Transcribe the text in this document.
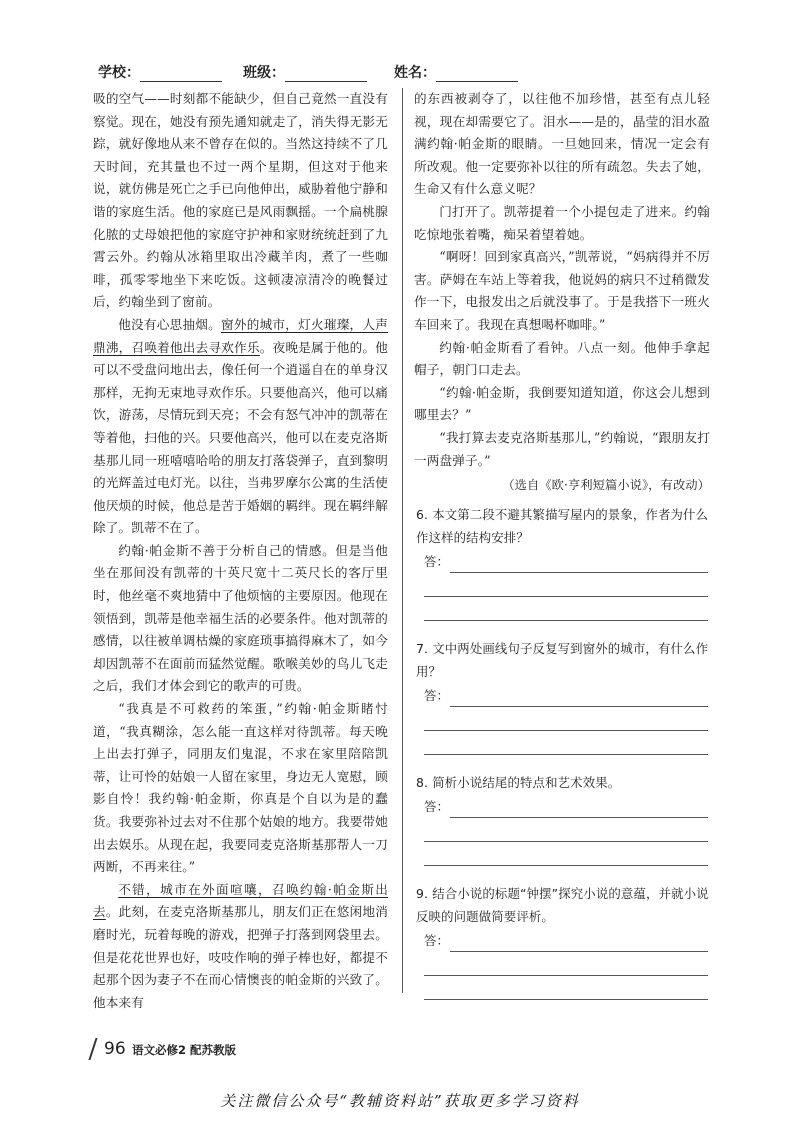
学校：	班级：	姓名：

吸的空气——时刻都不能缺少，但自己竟然一直没有察觉。现在，她没有预先通知就走了，消失得无影无踪，就好像地从来不曾存在似的。当然这持续不了几天时间，充其量也不过一两个星期，但这对于他来说，就仿佛是死亡之手已向他伸出，威胁着他宁静和谐的家庭生活。他的家庭已是风雨飘摇。一个扁桃腺化脓的丈母娘把他的家庭守护神和家财统统赶到了九霄云外。约翰从冰箱里取出冷藏羊肉，煮了一些咖啡，孤零零地坐下来吃饭。这顿凄凉清冷的晚餐过后，约翰坐到了窗前。

他没有心思抽烟。窗外的城市，灯火璀璨，人声鼎沸，召唤着他出去寻欢作乐。夜晚是属于他的。他可以不受盘问地出去，像任何一个逍遥自在的单身汉那样，无拘无束地寻欢作乐。只要他高兴，他可以痛饮，游荡，尽情玩到天亮；不会有怒气冲冲的凯蒂在等着他，扫他的兴。只要他高兴，他可以在麦克洛斯基那儿同一班嘻嘻哈哈的朋友打落袋弹子，直到黎明的光辉盖过电灯光。以往，当弗罗摩尔公寓的生活使他厌烦的时候，他总是苦于婚姻的羁绊。现在羁绊解除了。凯蒂不在了。

约翰·帕金斯不善于分析自己的情感。但是当他坐在那间没有凯蒂的十英尺宽十二英尺长的客厅里时，他丝毫不爽地猜中了他烦恼的主要原因。他现在领悟到，凯蒂是他幸福生活的必要条件。他对凯蒂的感情，以往被单调枯燥的家庭琐事搞得麻木了，如今却因凯蒂不在面前而猛然觉醒。歌喉美妙的鸟儿飞走之后，我们才体会到它的歌声的可贵。

“我真是不可救药的笨蛋，”约翰·帕金斯睹忖道，“我真糊涂，怎么能一直这样对待凯蒂。每天晚上出去打弹子，同朋友们鬼混，不求在家里陪陪凯蒂，让可怜的姑娘一人留在家里，身边无人宽慰，顾影自怜！我约翰·帕金斯，你真是个自以为是的蠢货。我要弥补过去对不住那个姑娘的地方。我要带她出去娱乐。从现在起，我要同麦克洛斯基那帮人一刀两断，不再来往。”

不错，城市在外面喧嚷，召唤约翰·帕金斯出去。此刻，在麦克洛斯基那儿，朋友们正在悠闲地消磨时光，玩着每晚的游戏，把弹子打落到网袋里去。但是花花世界也好，吱吱作响的弹子棒也好，都提不起那个因为妻子不在而心情懊丧的帕金斯的兴致了。他本来有

的东西被剥夺了，以往他不加珍惜，甚至有点儿轻视，现在却需要它了。泪水——是的，晶莹的泪水盈满约翰·帕金斯的眼睛。一旦她回来，情况一定会有所改观。他一定要弥补以往的所有疏忽。失去了她，生命又有什么意义呢？

门打开了。凯蒂提着一个小提包走了进来。约翰吃惊地张着嘴，痴呆着望着她。

“啊呀！回到家真高兴，”凯蒂说，“妈病得并不厉害。萨姆在车站上等着我，他说妈的病只不过稍微发作一下，电报发出之后就没事了。于是我搭下一班火车回来了。我现在真想喝杯咖啡。”

约翰·帕金斯看了看钟。八点一刻。他伸手拿起帽子，朝门口走去。

“约翰·帕金斯，我倒要知道知道，你这会儿想到哪里去？”

“我打算去麦克洛斯基那儿，”约翰说，“跟朋友打一两盘弹子。”

（选自《欧·亨利短篇小说》，有改动）

6. 本文第二段不避其繁描写屋内的景象，作者为什么作这样的结构安排？
答：
7. 文中两处画线句子反复写到窗外的城市，有什么作用？
答：
8. 简析小说结尾的特点和艺术效果。
答：
9. 结合小说的标题“钟摆”探究小说的意蕴，并就小说反映的问题做简要评析。
答：
96 语文必修2 配苏教版
关注微信公众号“教辅资料站”获取更多学习资料
